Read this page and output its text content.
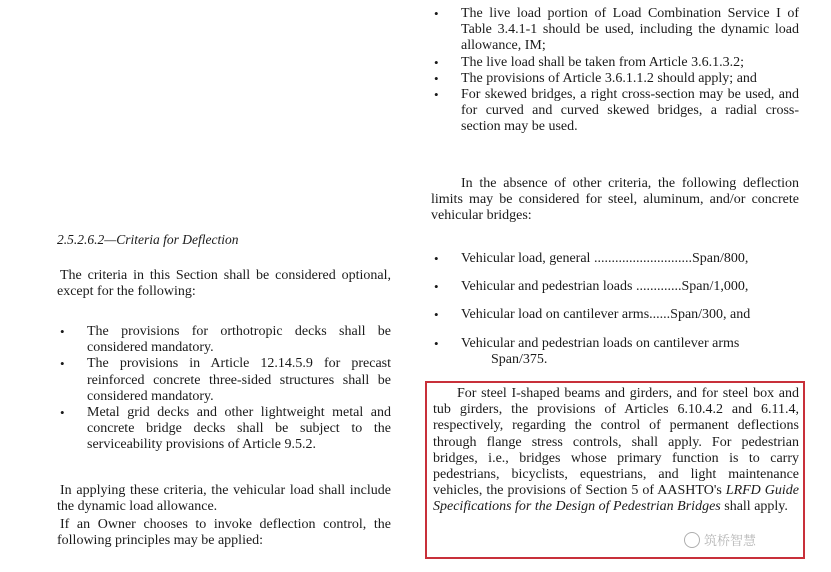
2.5.2.6.2—Criteria for Deflection

The criteria in this Section shall be considered optional, except for the following:

• The provisions for orthotropic decks shall be considered mandatory.
• The provisions in Article 12.14.5.9 for precast reinforced concrete three-sided structures shall be considered mandatory.
• Metal grid decks and other lightweight metal and concrete bridge decks shall be subject to the serviceability provisions of Article 9.5.2.

In applying these criteria, the vehicular load shall include the dynamic load allowance.

If an Owner chooses to invoke deflection control, the following principles may be applied:

• The live load portion of Load Combination Service I of Table 3.4.1-1 should be used, including the dynamic load allowance, IM;
• The live load shall be taken from Article 3.6.1.3.2;
• The provisions of Article 3.6.1.1.2 should apply; and
• For skewed bridges, a right cross-section may be used, and for curved and curved skewed bridges, a radial cross-section may be used.

In the absence of other criteria, the following deflection limits may be considered for steel, aluminum, and/or concrete vehicular bridges:

• Vehicular load, general ............................Span/800,
• Vehicular and pedestrian loads .............Span/1,000,
• Vehicular load on cantilever arms......Span/300, and
• Vehicular and pedestrian loads on cantilever arms
Span/375.

For steel I-shaped beams and girders, and for steel box and tub girders, the provisions of Articles 6.10.4.2 and 6.11.4, respectively, regarding the control of permanent deflections through flange stress controls, shall apply. For pedestrian bridges, i.e., bridges whose primary function is to carry pedestrians, bicyclists, equestrians, and light maintenance vehicles, the provisions of Section 5 of AASHTO's LRFD Guide Specifications for the Design of Pedestrian Bridges shall apply.

筑桥智慧
